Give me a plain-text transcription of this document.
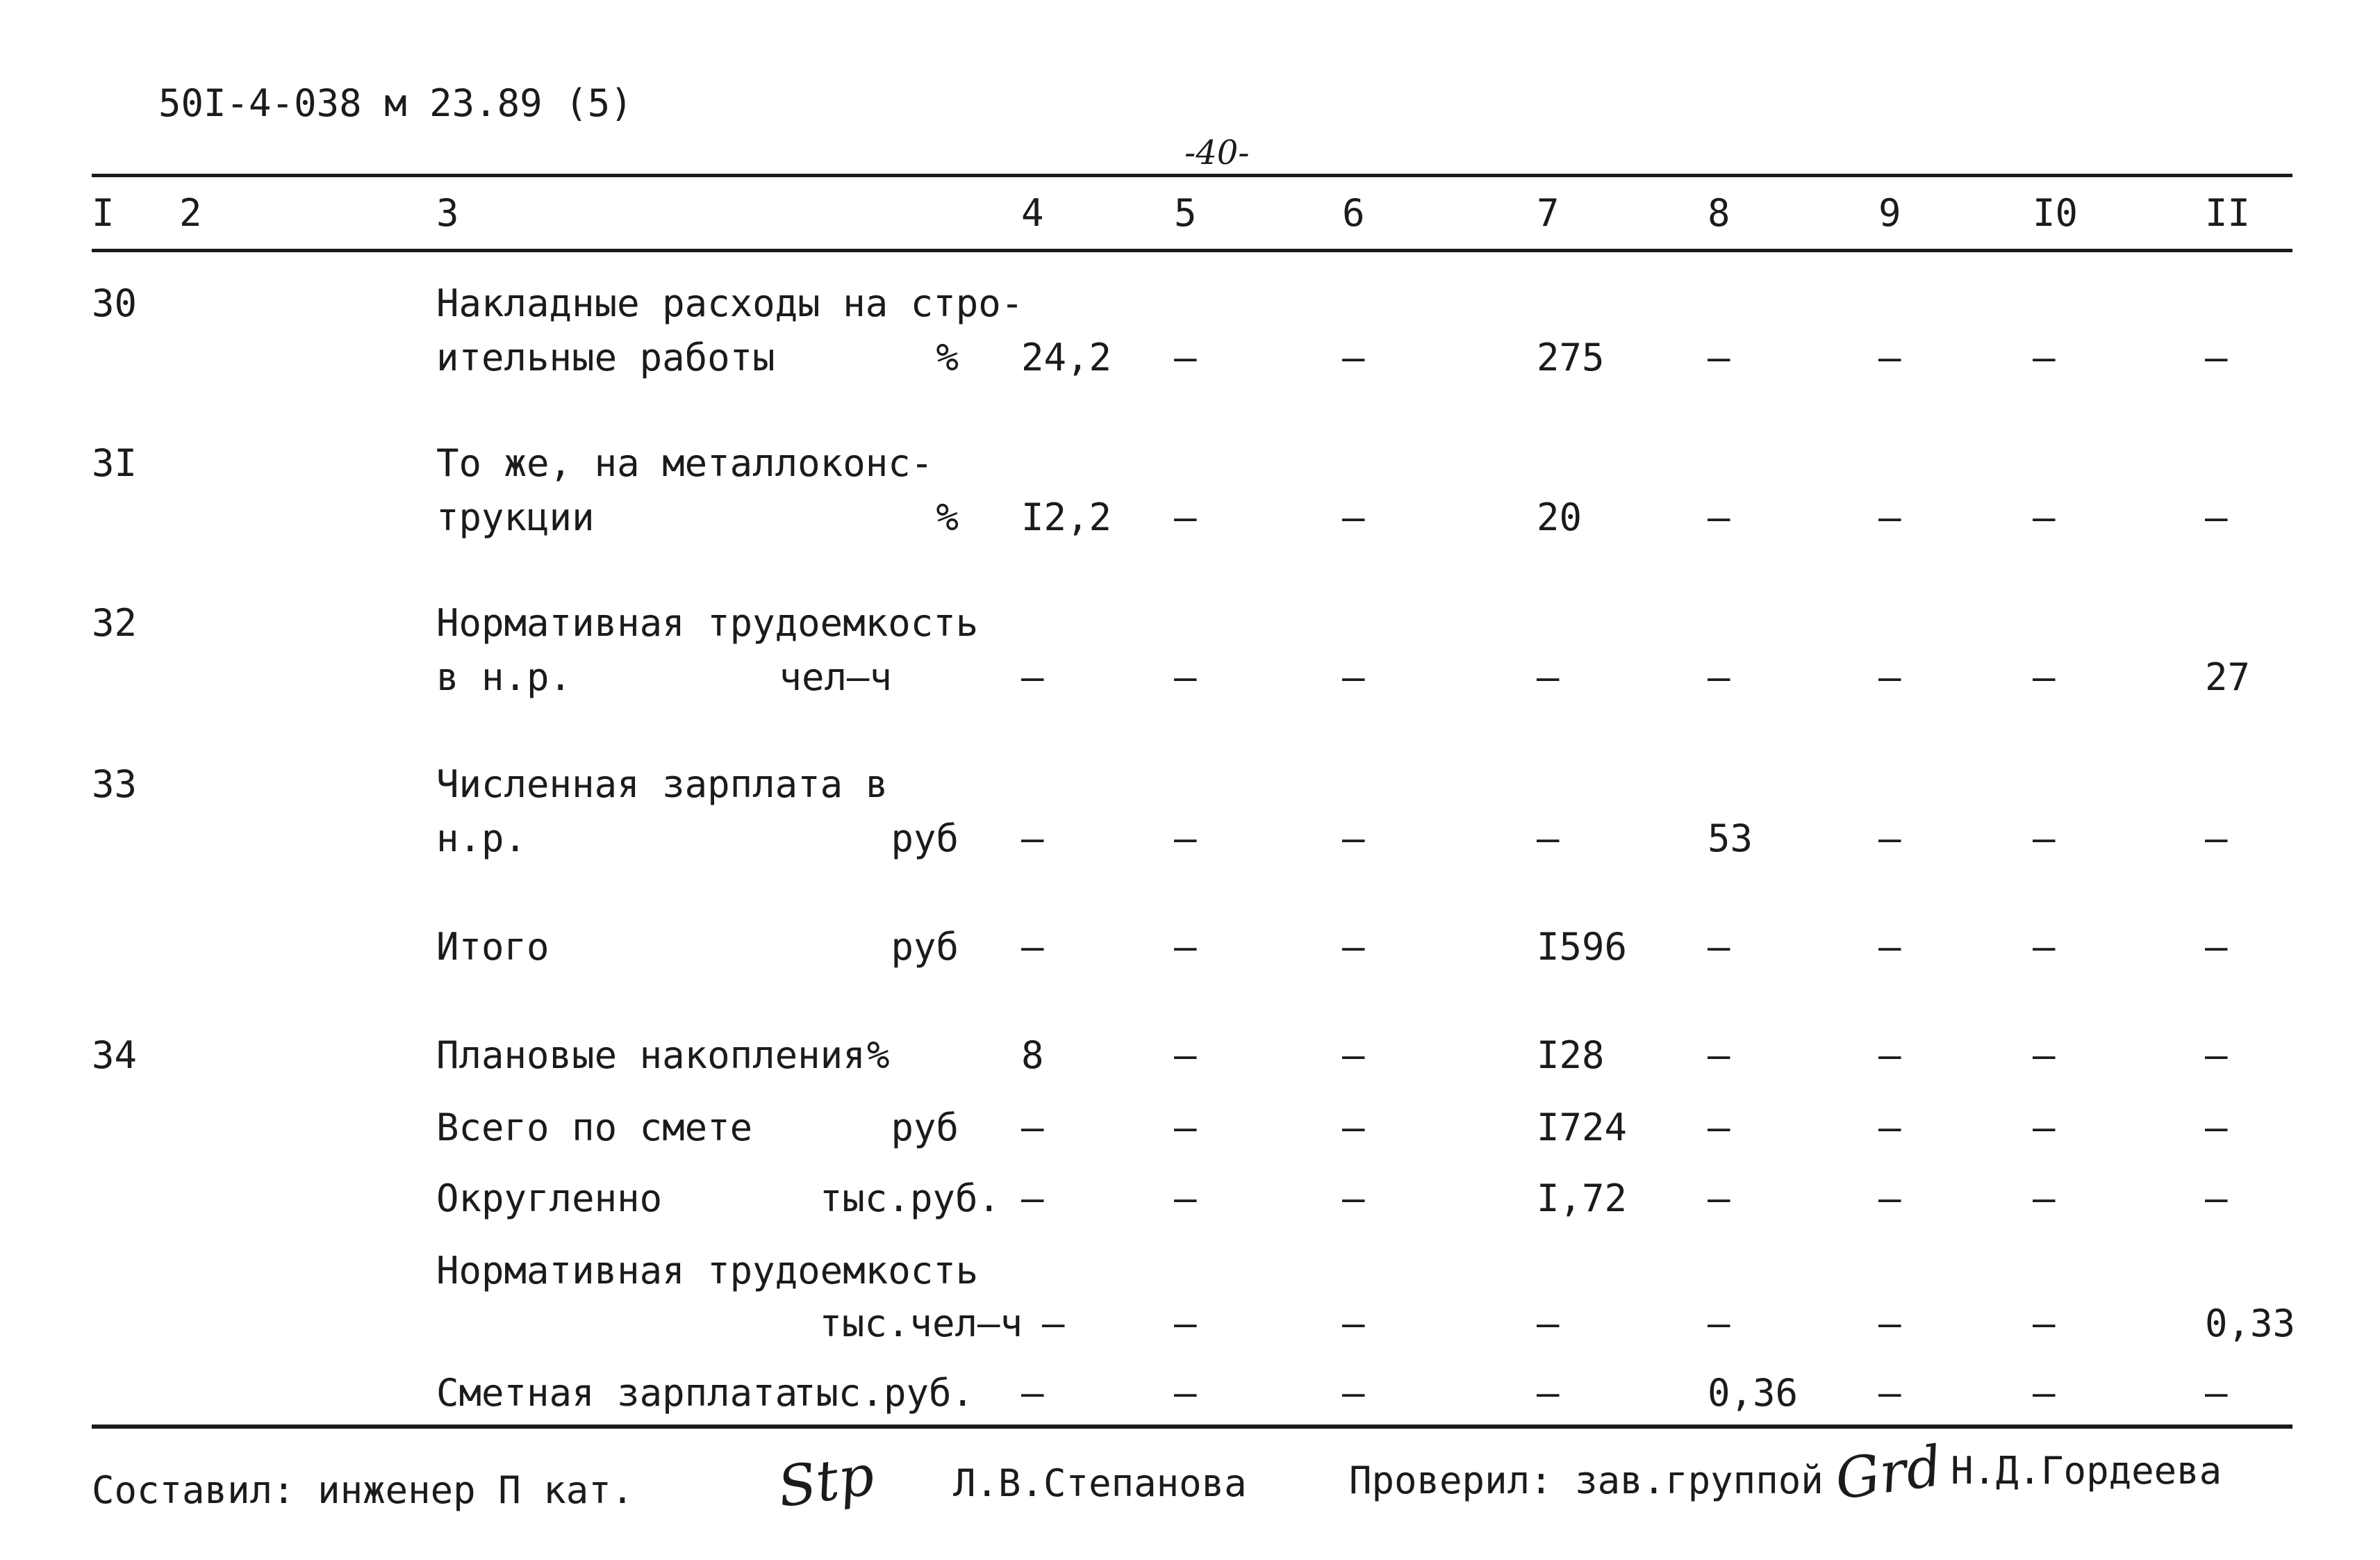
50I-4-038 м 23.89 (5)
-40-
I 2	3	4	5	6	7	8	9	I0	II
30	Накладные расходы на стро-
ительные работы	% 24,2 –	–	275	–	–	–	–
3I	То же, на металлоконс-
трукции	% I2,2 –	–	20	–	–	–	–
32	Нормативная трудоемкость
в н.р.	чел–ч	–	–	–	–	–	–	–	27
33	Численная зарплата в
н.р.	руб –	–	–	–	53	–	–	–
Итого	руб –	–	–	I596 –	–	–	–
34	Плановые накопления %	8	–	–	I28	–	–	–	–
Всего по смете	руб –	–	–	I724 –	–	–	–
Округленно	тыс.руб. –	–	–	I,72 –	–	–	–
Нормативная трудоемкость
тыс.чел–ч –	–	–	–	–	–	–	0,33
Сметная зарплата
тыс.руб. –	–	–	–	0,36 –	–	–
Составил: инженер П кат.	Stp Л.В.Степанова	Проверил: зав.группой Grd Н.Д.Гордеева
